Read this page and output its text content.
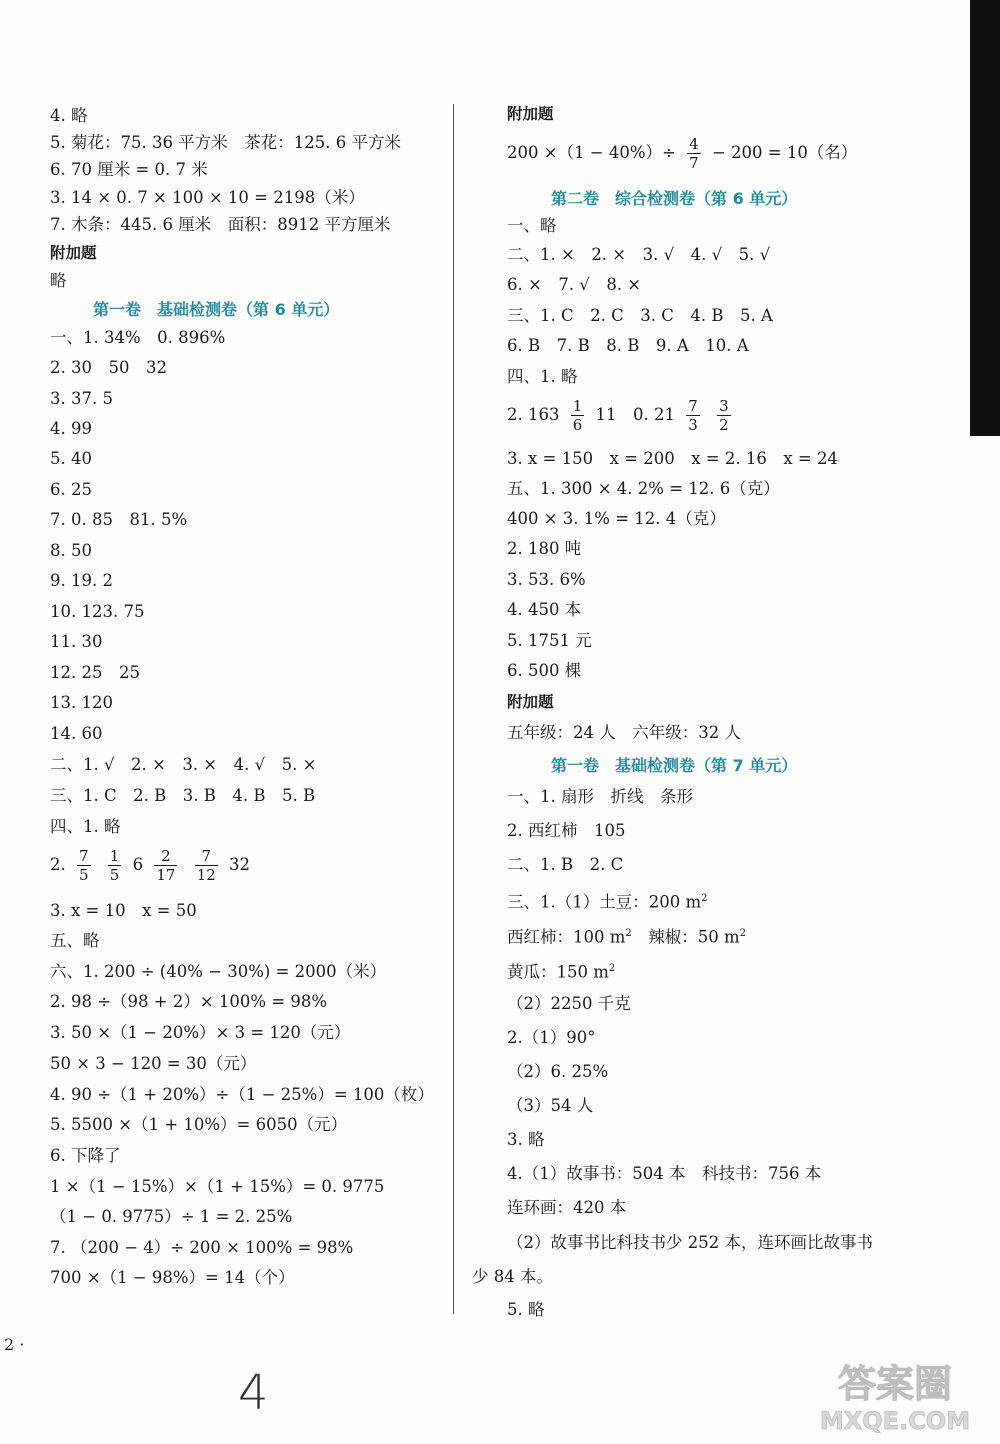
4. 略
5. 菊花：75. 36 平方米　茶花：125. 6 平方米
6. 70 厘米 = 0. 7 米
3. 14 × 0. 7 × 100 × 10 = 2198（米）
7. 木条：445. 6 厘米　面积：8912 平方厘米
附加题
略
第一卷　基础检测卷（第 6 单元）
一、1. 34%　0. 896%
2. 30　50　32
3. 37. 5
4. 99
5. 40
6. 25
7. 0. 85　81. 5%
8. 50
9. 19. 2
10. 123. 75
11. 30
12. 25　25
13. 120
14. 60
二、1. √　2. ×　3. ×　4. √　5. ×
三、1. C　2. B　3. B　4. B　5. B
四、1. 略
2. $\frac{7}{5}$
$\frac{1}{5} 6 \frac{2}{17}$
$\frac{7}{12} 32$
3. x = 10　x = 50
五、略
六、1. 200 ÷ (40% − 30%) = 2000（米）
2. 98 ÷（98 + 2）× 100% = 98%
3. 50 ×（1 − 20%）× 3 = 120（元）
50 × 3 − 120 = 30（元）
4. 90 ÷（1 + 20%）÷（1 − 25%）= 100（枚）
5. 5500 ×（1 + 10%）= 6050（元）
6. 下降了
1 ×（1 − 15%）×（1 + 15%）= 0. 9775
（1 − 0. 9775）÷ 1 = 2. 25%
7. （200 − 4）÷ 200 × 100% = 98%
700 ×（1 − 98%）= 14（个）
附加题
$200 \times(1 - 40\%)\div \frac{4}{7} - 200 = 10$（名）
第二卷　综合检测卷（第 6 单元）
一、略
二、1. ×　2. ×　3. √　4. √　5. √
6. ×　7. √　8. ×
三、1. C　2. C　3. C　4. B　5. A
6. B　7. B　8. B　9. A　10. A
四、1. 略
2. $163 \frac{1}{6} 11$　0. $21 \frac{7}{3}$
$\frac{3}{2}$
3. x = 150　x = 200　x = 2. 16　x = 24
五、1. 300 × 4. 2% = 12. 6（克）
400 × 3. 1% = 12. 4（克）
2. 180 吨
3. 53. 6%
4. 450 本
5. 1751 元
6. 500 棵
附加题
五年级：24 人　六年级：32 人
第一卷　基础检测卷（第 7 单元）
一、1. 扇形　折线　条形
2. 西红柿　105
二、1. B　2. C
三、1.（1）土豆：200 $m^2$
西红柿：100 $m^2$　辣椒：50 $m^2$
黄瓜：150 $m^2$
（2）2250 千克
2.（1）90°
（2）6. 25%
（3）54 人
3. 略
4.（1）故事书：504 本　科技书：756 本
连环画：420 本
（2）故事书比科技书少 252 本，连环画比故事书
少 84 本。
5. 略
2 ·
4	答案圈
MXQE.COM
